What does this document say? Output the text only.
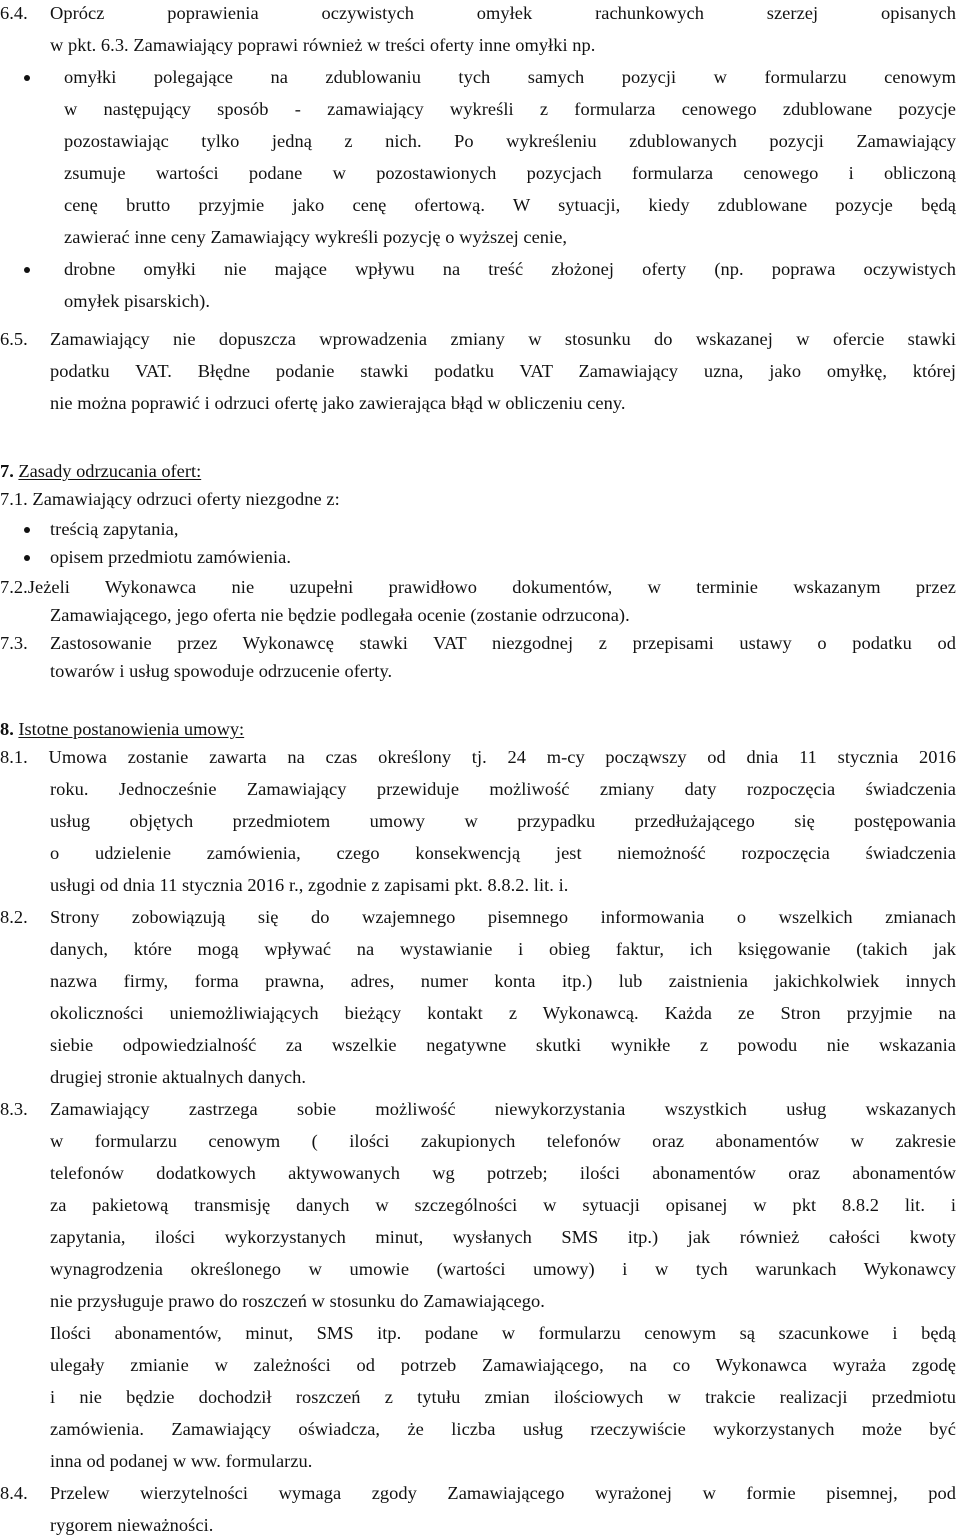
6.4. Oprócz poprawienia oczywistych omyłek rachunkowych szerzej opisanych
w pkt. 6.3. Zamawiający poprawi również w treści oferty inne omyłki np.
omyłki polegające na zdublowaniu tych samych pozycji w formularzu cenowym
w następujący sposób - zamawiający wykreśli z formularza cenowego zdublowane pozycje
pozostawiając tylko jedną z nich. Po wykreśleniu zdublowanych pozycji Zamawiający
zsumuje wartości podane w pozostawionych pozycjach formularza cenowego i obliczoną
cenę brutto przyjmie jako cenę ofertową. W sytuacji, kiedy zdublowane pozycje będą
zawierać inne ceny Zamawiający wykreśli pozycję o wyższej cenie,
drobne omyłki nie mające wpływu na treść złożonej oferty (np. poprawa oczywistych
omyłek pisarskich).
6.5. Zamawiający nie dopuszcza wprowadzenia zmiany w stosunku do wskazanej w ofercie stawki
podatku VAT. Błędne podanie stawki podatku VAT Zamawiający uzna, jako omyłkę, której
nie można poprawić i odrzuci ofertę jako zawierająca błąd w obliczeniu ceny.
7.1. Zamawiający odrzuci oferty niezgodne z:
treścią zapytania,
opisem przedmiotu zamówienia.
7.2.Jeżeli Wykonawca nie uzupełni prawidłowo dokumentów, w terminie wskazanym przez
Zamawiającego, jego oferta nie będzie podlegała ocenie (zostanie odrzucona).
7.3. Zastosowanie przez Wykonawcę stawki VAT niezgodnej z przepisami ustawy o podatku od
towarów i usług spowoduje odrzucenie oferty.
8.1. Umowa zostanie zawarta na czas określony tj. 24 m-cy począwszy od dnia 11 stycznia 2016
roku. Jednocześnie Zamawiający przewiduje możliwość zmiany daty rozpoczęcia świadczenia
usług objętych przedmiotem umowy w przypadku przedłużającego się postępowania
o udzielenie zamówienia, czego konsekwencją jest niemożność rozpoczęcia świadczenia
usługi od dnia 11 stycznia 2016 r., zgodnie z zapisami pkt. 8.8.2. lit. i.
8.2. Strony zobowiązują się do wzajemnego pisemnego informowania o wszelkich zmianach
danych, które mogą wpływać na wystawianie i obieg faktur, ich księgowanie (takich jak
nazwa firmy, forma prawna, adres, numer konta itp.) lub zaistnienia jakichkolwiek innych
okoliczności uniemożliwiających bieżący kontakt z Wykonawcą. Każda ze Stron przyjmie na
siebie odpowiedzialność za wszelkie negatywne skutki wynikłe z powodu nie wskazania
drugiej stronie aktualnych danych.
8.3. Zamawiający zastrzega sobie możliwość niewykorzystania wszystkich usług wskazanych
w formularzu cenowym ( ilości zakupionych telefonów oraz abonamentów w zakresie
telefonów dodatkowych aktywowanych wg potrzeb; ilości abonamentów oraz abonamentów
za pakietową transmisję danych w szczególności w sytuacji opisanej w pkt 8.8.2 lit. i
zapytania, ilości wykorzystanych minut, wysłanych SMS itp.) jak również całości kwoty
wynagrodzenia określonego w umowie (wartości umowy) i w tych warunkach Wykonawcy
nie przysługuje prawo do roszczeń w stosunku do Zamawiającego.
Ilości abonamentów, minut, SMS itp. podane w formularzu cenowym są szacunkowe i będą
ulegały zmianie w zależności od potrzeb Zamawiającego, na co Wykonawca wyraża zgodę
i nie będzie dochodził roszczeń z tytułu zmian ilościowych w trakcie realizacji przedmiotu
zamówienia. Zamawiający oświadcza, że liczba usług rzeczywiście wykorzystanych może być
inna od podanej w ww. formularzu.
8.4. Przelew wierzytelności wymaga zgody Zamawiającego wyrażonej w formie pisemnej, pod
rygorem nieważności.
7. Zasady odrzucania ofert:
8. Istotne postanowienia umowy:
